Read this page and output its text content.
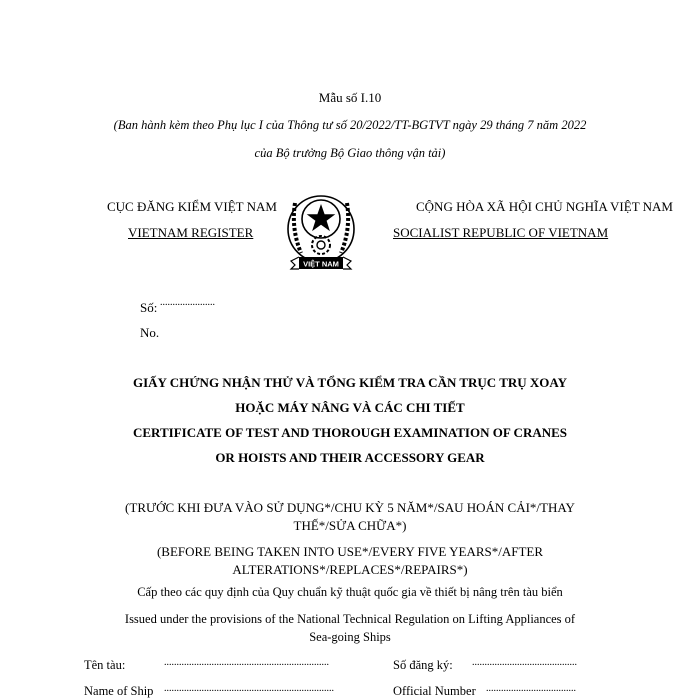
Mẫu số I.10
(Ban hành kèm theo Phụ lục I của Thông tư số 20/2022/TT-BGTVT ngày 29 tháng 7 năm 2022
của Bộ trưởng Bộ Giao thông vận tải)
CỤC ĐĂNG KIỂM VIỆT NAM
VIETNAM REGISTER
CỘNG HÒA XÃ HỘI CHỦ NGHĨA VIỆT NAM
SOCIALIST REPUBLIC OF VIETNAM
VIỆT NAM
Số: ......................
No.
GIẤY CHỨNG NHẬN THỬ VÀ TỔNG KIỂM TRA CẦN TRỤC TRỤ XOAY
HOẶC MÁY NÂNG VÀ CÁC CHI TIẾT
CERTIFICATE OF TEST AND THOROUGH EXAMINATION OF CRANES
OR HOISTS AND THEIR ACCESSORY GEAR
(TRƯỚC KHI ĐƯA VÀO SỬ DỤNG*/CHU KỲ 5 NĂM*/SAU HOÁN CẢI*/THAY
THẾ*/SỬA CHỮA*)
(BEFORE BEING TAKEN INTO USE*/EVERY FIVE YEARS*/AFTER
ALTERATIONS*/REPLACES*/REPAIRS*)
Cấp theo các quy định của Quy chuẩn kỹ thuật quốc gia về thiết bị nâng trên tàu biển
Issued under the provisions of the National Technical Regulation on Lifting Appliances of
Sea-going Ships
Tên tàu:	..................................................................	Số đăng ký: ..........................................
Name of Ship ....................................................................	Official Number ....................................
